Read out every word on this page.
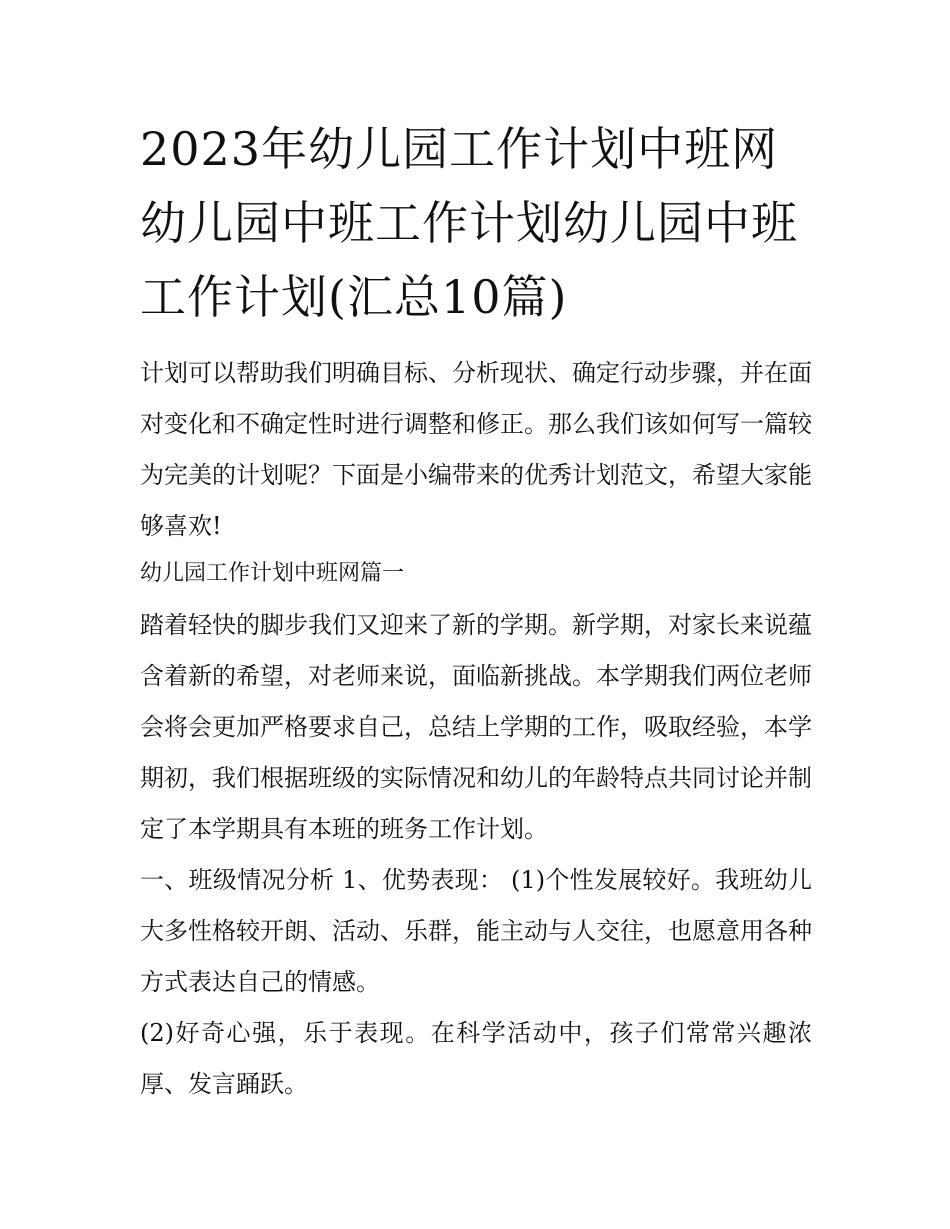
2023年幼儿园工作计划中班网幼儿园中班工作计划幼儿园中班工作计划(汇总10篇)

计划可以帮助我们明确目标、分析现状、确定行动步骤，并在面对变化和不确定性时进行调整和修正。那么我们该如何写一篇较为完美的计划呢？下面是小编带来的优秀计划范文，希望大家能够喜欢!

幼儿园工作计划中班网篇一

踏着轻快的脚步我们又迎来了新的学期。新学期，对家长来说蕴含着新的希望，对老师来说，面临新挑战。本学期我们两位老师会将会更加严格要求自己，总结上学期的工作，吸取经验，本学期初，我们根据班级的实际情况和幼儿的年龄特点共同讨论并制定了本学期具有本班的班务工作计划。

一、班级情况分析 1、优势表现： (1)个性发展较好。我班幼儿大多性格较开朗、活动、乐群，能主动与人交往，也愿意用各种方式表达自己的情感。

(2)好奇心强，乐于表现。在科学活动中，孩子们常常兴趣浓厚、发言踊跃。
